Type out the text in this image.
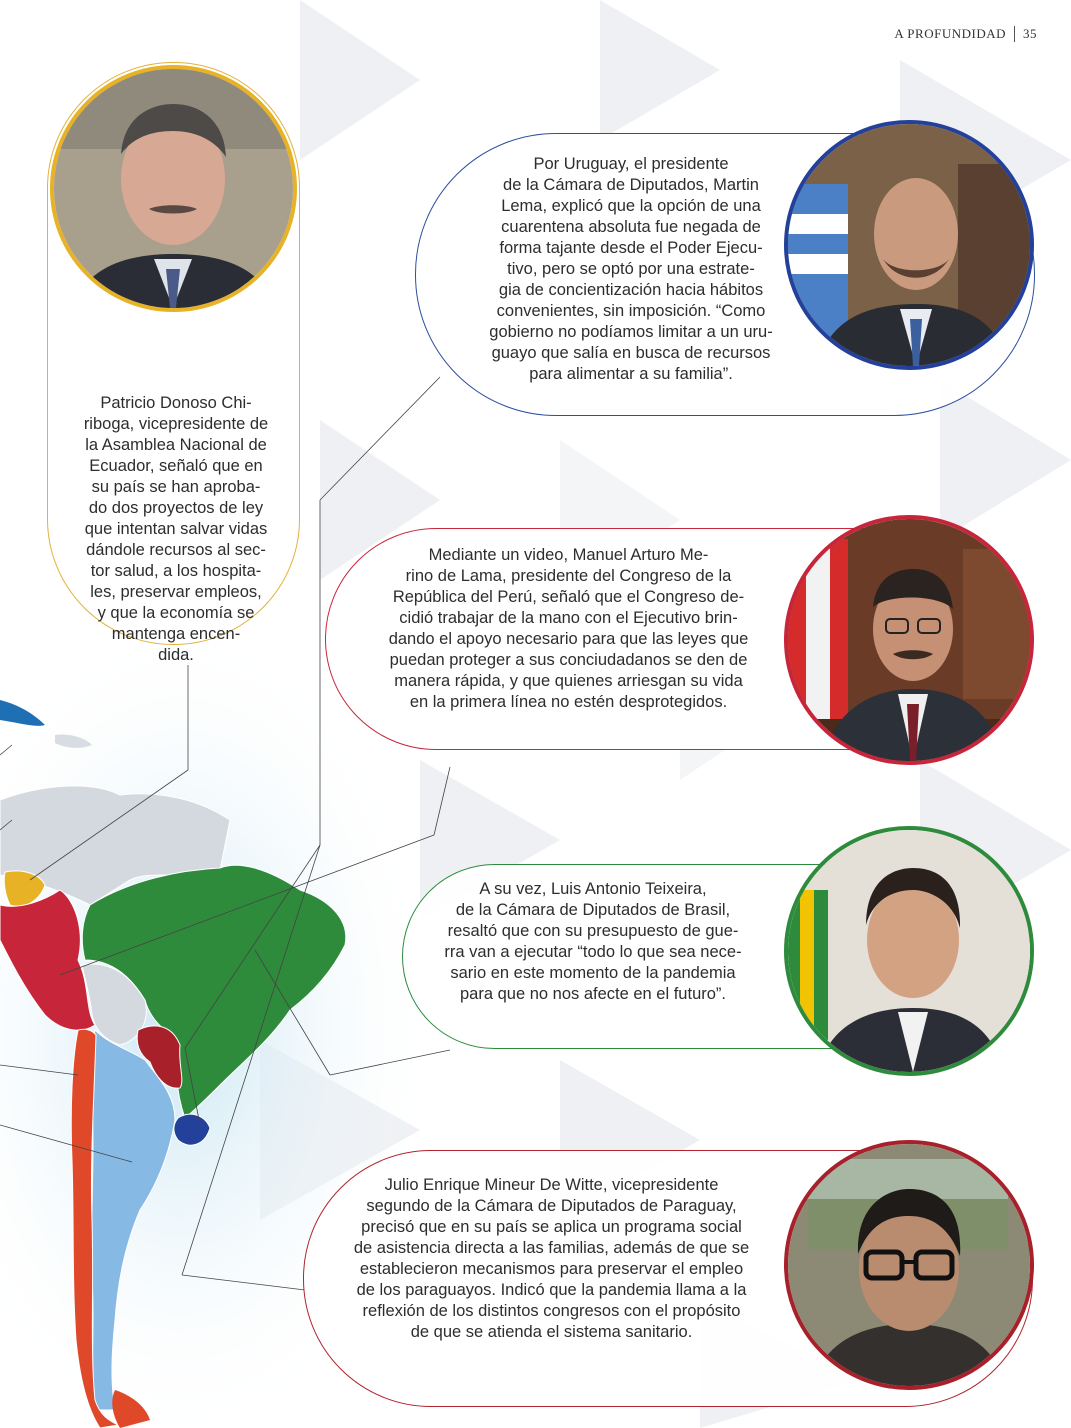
A PROFUNDIDAD 35
Patricio Donoso Chi-
riboga, vicepresidente de
la Asamblea Nacional de
Ecuador, señaló que en
su país se han aproba-
do dos proyectos de ley
que intentan salvar vidas
dándole recursos al sec-
tor salud, a los hospita-
les, preservar empleos,
y que la economía se
mantenga encen-
dida.
Por Uruguay, el presidente
de la Cámara de Diputados, Martin
Lema, explicó que la opción de una
cuarentena absoluta fue negada de
forma tajante desde el Poder Ejecu-
tivo, pero se optó por una estrate-
gia de concientización hacia hábitos
convenientes, sin imposición. “Como
gobierno no podíamos limitar a un uru-
guayo que salía en busca de recursos
para alimentar a su familia”.
Mediante un video, Manuel Arturo Me-
rino de Lama, presidente del Congreso de la
República del Perú, señaló que el Congreso de-
cidió trabajar de la mano con el Ejecutivo brin-
dando el apoyo necesario para que las leyes que
puedan proteger a sus conciudadanos se den de
manera rápida, y que quienes arriesgan su vida
en la primera línea no estén desprotegidos.
A su vez, Luis Antonio Teixeira,
de la Cámara de Diputados de Brasil,
resaltó que con su presupuesto de gue-
rra van a ejecutar “todo lo que sea nece-
sario en este momento de la pandemia
para que no nos afecte en el futuro”.
Julio Enrique Mineur De Witte, vicepresidente
segundo de la Cámara de Diputados de Paraguay,
precisó que en su país se aplica un programa social
de asistencia directa a las familias, además de que se
establecieron mecanismos para preservar el empleo
de los paraguayos. Indicó que la pandemia llama a la
reflexión de los distintos congresos con el propósito
de que se atienda el sistema sanitario.
